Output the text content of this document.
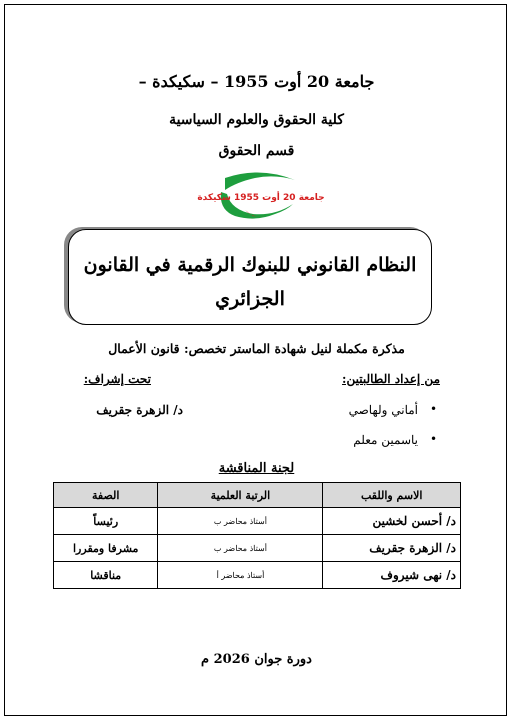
جامعة 20 أوت 1955 – سكيكدة –
كلية الحقوق والعلوم السياسية
قسم الحقوق
جامعة 20 أوت 1955 سكيكدة
النظام القانوني للبنوك الرقمية في القانون
الجزائري
مذكرة مكملة لنيل شهادة الماستر تخصص: قانون الأعمال
من إعداد الطالبتين:
تحت إشراف:
•
أماني ولهاصي
•
ياسمين معلم
د/ الزهرة جقريف
لجنة المناقشة
الاسم واللقب	الرتبة العلمية	الصفة
د/ أحسن لخشين	أستاذ محاضر ب	رئيساً
د/ الزهرة جقريف	أستاذ محاضر ب	مشرفا ومقررا
د/ نهى شيروف	أستاذ محاضر أ	مناقشا
دورة جوان 2026 م
